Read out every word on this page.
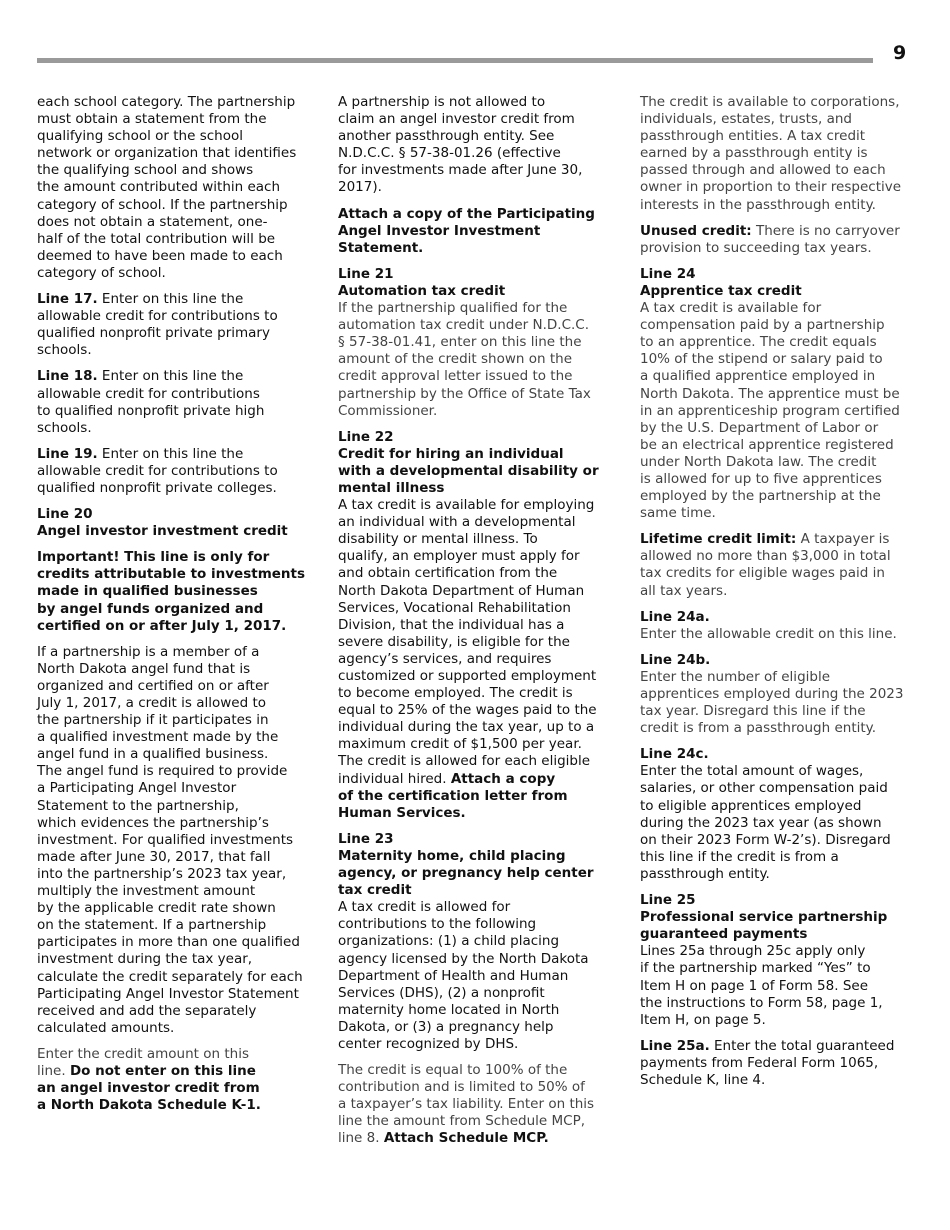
9
each school category. The partnership
must obtain a statement from the
qualifying school or the school
network or organization that identifies
the qualifying school and shows
the amount contributed within each
category of school. If the partnership
does not obtain a statement, one-
half of the total contribution will be
deemed to have been made to each
category of school.
Line 17. Enter on this line the
allowable credit for contributions to
qualified nonprofit private primary
schools.
Line 18. Enter on this line the
allowable credit for contributions
to qualified nonprofit private high
schools.
Line 19. Enter on this line the
allowable credit for contributions to
qualified nonprofit private colleges.
Line 20
Angel investor investment credit
Important! This line is only for
credits attributable to investments
made in qualified businesses
by angel funds organized and
certified on or after July 1, 2017.
If a partnership is a member of a
North Dakota angel fund that is
organized and certified on or after
July 1, 2017, a credit is allowed to
the partnership if it participates in
a qualified investment made by the
angel fund in a qualified business.
The angel fund is required to provide
a Participating Angel Investor
Statement to the partnership,
which evidences the partnership’s
investment. For qualified investments
made after June 30, 2017, that fall
into the partnership’s 2023 tax year,
multiply the investment amount
by the applicable credit rate shown
on the statement. If a partnership
participates in more than one qualified
investment during the tax year,
calculate the credit separately for each
Participating Angel Investor Statement
received and add the separately
calculated amounts.
Enter the credit amount on this
line. Do not enter on this line
an angel investor credit from
a North Dakota Schedule K-1.
A partnership is not allowed to
claim an angel investor credit from
another passthrough entity. See
N.D.C.C. § 57-38-01.26 (effective
for investments made after June 30,
2017).
Attach a copy of the Participating
Angel Investor Investment
Statement.
Line 21
Automation tax credit
If the partnership qualified for the
automation tax credit under N.D.C.C.
§ 57-38-01.41, enter on this line the
amount of the credit shown on the
credit approval letter issued to the
partnership by the Office of State Tax
Commissioner.
Line 22
Credit for hiring an individual
with a developmental disability or
mental illness
A tax credit is available for employing
an individual with a developmental
disability or mental illness. To
qualify, an employer must apply for
and obtain certification from the
North Dakota Department of Human
Services, Vocational Rehabilitation
Division, that the individual has a
severe disability, is eligible for the
agency’s services, and requires
customized or supported employment
to become employed. The credit is
equal to 25% of the wages paid to the
individual during the tax year, up to a
maximum credit of $1,500 per year.
The credit is allowed for each eligible
individual hired. Attach a copy
of the certification letter from
Human Services.
Line 23
Maternity home, child placing
agency, or pregnancy help center
tax credit
A tax credit is allowed for
contributions to the following
organizations: (1) a child placing
agency licensed by the North Dakota
Department of Health and Human
Services (DHS), (2) a nonprofit
maternity home located in North
Dakota, or (3) a pregnancy help
center recognized by DHS.
The credit is equal to 100% of the
contribution and is limited to 50% of
a taxpayer’s tax liability. Enter on this
line the amount from Schedule MCP,
line 8. Attach Schedule MCP.
The credit is available to corporations,
individuals, estates, trusts, and
passthrough entities. A tax credit
earned by a passthrough entity is
passed through and allowed to each
owner in proportion to their respective
interests in the passthrough entity.
Unused credit: There is no carryover
provision to succeeding tax years.
Line 24
Apprentice tax credit
A tax credit is available for
compensation paid by a partnership
to an apprentice. The credit equals
10% of the stipend or salary paid to
a qualified apprentice employed in
North Dakota. The apprentice must be
in an apprenticeship program certified
by the U.S. Department of Labor or
be an electrical apprentice registered
under North Dakota law. The credit
is allowed for up to five apprentices
employed by the partnership at the
same time.
Lifetime credit limit: A taxpayer is
allowed no more than $3,000 in total
tax credits for eligible wages paid in
all tax years.
Line 24a.
Enter the allowable credit on this line.
Line 24b.
Enter the number of eligible
apprentices employed during the 2023
tax year. Disregard this line if the
credit is from a passthrough entity.
Line 24c.
Enter the total amount of wages,
salaries, or other compensation paid
to eligible apprentices employed
during the 2023 tax year (as shown
on their 2023 Form W-2’s). Disregard
this line if the credit is from a
passthrough entity.
Line 25
Professional service partnership
guaranteed payments
Lines 25a through 25c apply only
if the partnership marked “Yes” to
Item H on page 1 of Form 58. See
the instructions to Form 58, page 1,
Item H, on page 5.
Line 25a. Enter the total guaranteed
payments from Federal Form 1065,
Schedule K, line 4.
